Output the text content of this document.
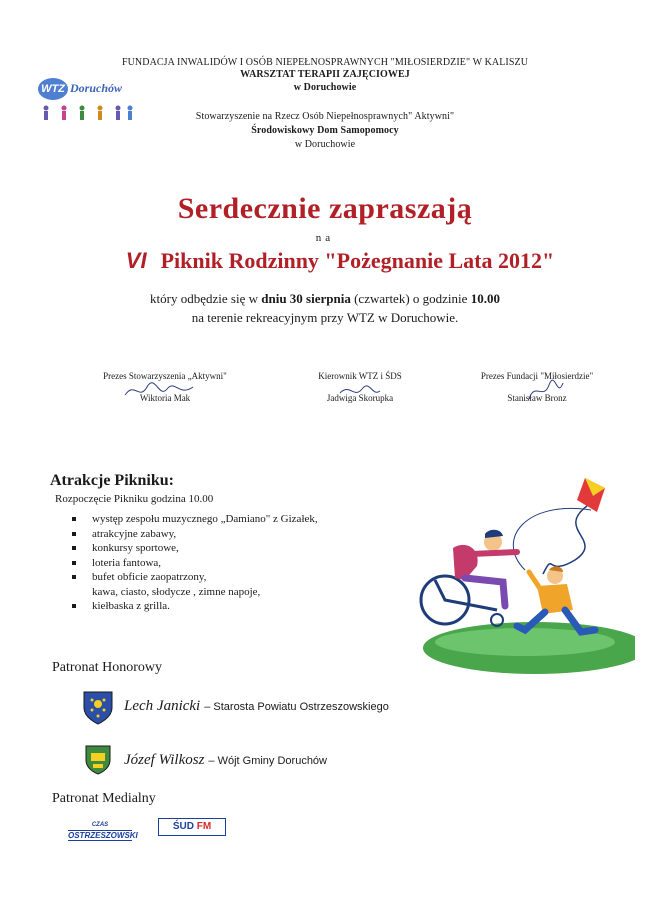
FUNDACJA INWALIDÓW I OSÓB NIEPEŁNOSPRAWNYCH "MIŁOSIERDZIE" W KALISZU
WARSZTAT TERAPII ZAJĘCIOWEJ
w Doruchowie
Stowarzyszenie na Rzecz Osób Niepełnosprawnych" Aktywni"
Środowiskowy Dom Samopomocy
w Doruchowie
WTZ Doruchów
Serdecznie zapraszają
na
VI Piknik Rodzinny "Pożegnanie Lata 2012"
który odbędzie się w dniu 30 sierpnia (czwartek) o godzinie 10.00
na terenie rekreacyjnym przy WTZ w Doruchowie.
Prezes Stowarzyszenia „Aktywni"
Wiktoria Mak
Kierownik WTZ i ŚDS
Jadwiga Skorupka
Prezes Fundacji "Miłosierdzie"
Stanisław Bronz
Atrakcje Pikniku:
Rozpoczęcie Pikniku godzina 10.00
występ zespołu muzycznego „Damiano" z Gizałek,
atrakcyjne zabawy,
konkursy sportowe,
loteria fantowa,
bufet obficie zaopatrzony,
kawa, ciasto, słodycze , zimne napoje,
kiełbaska z grilla.
Patronat Honorowy
Lech Janicki – Starosta Powiatu Ostrzeszowskiego
Józef Wilkosz – Wójt Gminy Doruchów
Patronat Medialny
CZAS
OSTRZESZOWSKI
ŚUD FM
